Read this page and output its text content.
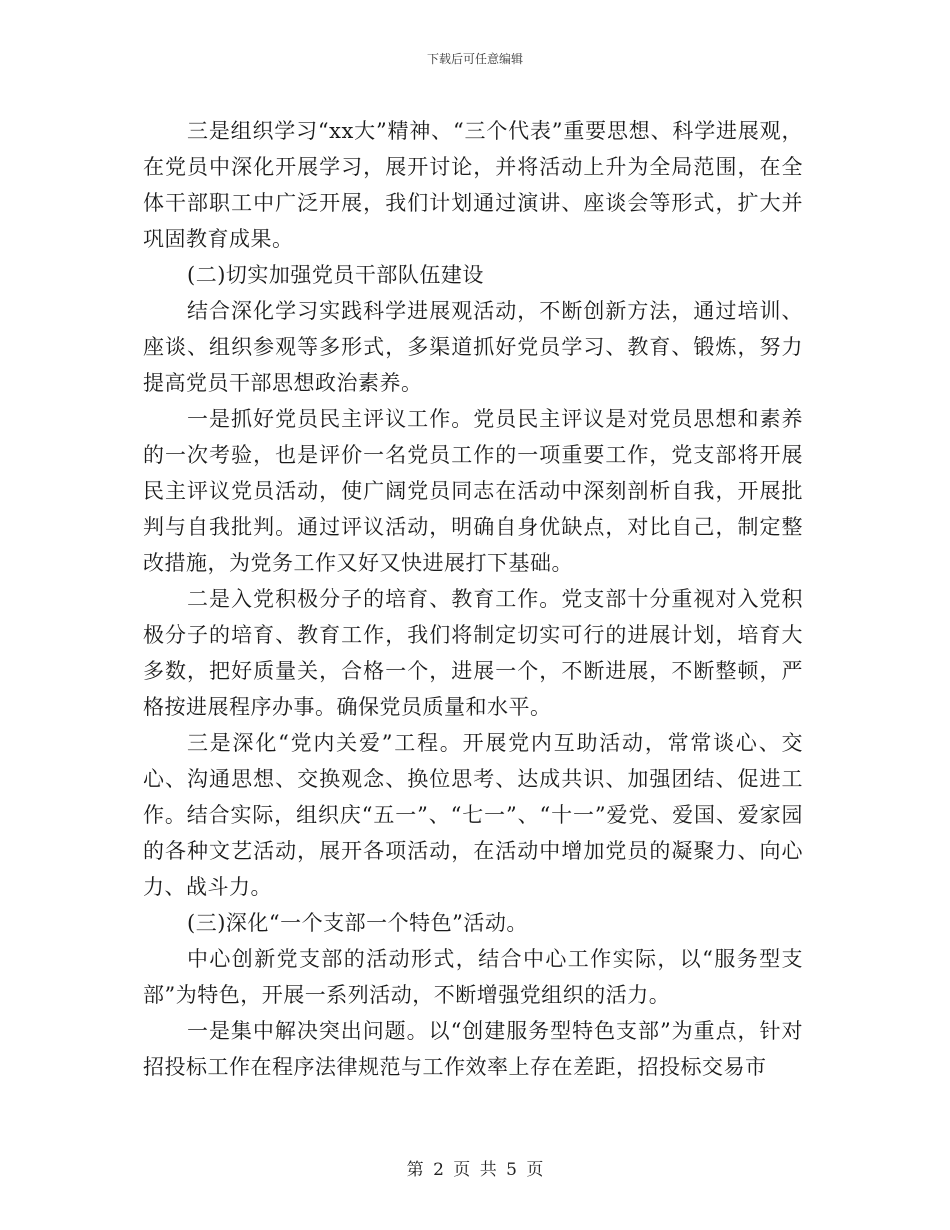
下载后可任意编辑

三是组织学习“xx大”精神、“三个代表”重要思想、科学进展观，在党员中深化开展学习，展开讨论，并将活动上升为全局范围，在全体干部职工中广泛开展，我们计划通过演讲、座谈会等形式，扩大并巩固教育成果。

(二)切实加强党员干部队伍建设

结合深化学习实践科学进展观活动，不断创新方法，通过培训、座谈、组织参观等多形式，多渠道抓好党员学习、教育、锻炼，努力提高党员干部思想政治素养。

一是抓好党员民主评议工作。党员民主评议是对党员思想和素养的一次考验，也是评价一名党员工作的一项重要工作，党支部将开展民主评议党员活动，使广阔党员同志在活动中深刻剖析自我，开展批判与自我批判。通过评议活动，明确自身优缺点，对比自己，制定整改措施，为党务工作又好又快进展打下基础。

二是入党积极分子的培育、教育工作。党支部十分重视对入党积极分子的培育、教育工作，我们将制定切实可行的进展计划，培育大多数，把好质量关，合格一个，进展一个，不断进展，不断整顿，严格按进展程序办事。确保党员质量和水平。

三是深化“党内关爱”工程。开展党内互助活动，常常谈心、交心、沟通思想、交换观念、换位思考、达成共识、加强团结、促进工作。结合实际，组织庆“五一”、“七一”、“十一”爱党、爱国、爱家园的各种文艺活动，展开各项活动，在活动中增加党员的凝聚力、向心力、战斗力。

(三)深化“一个支部一个特色”活动。

中心创新党支部的活动形式，结合中心工作实际，以“服务型支部”为特色，开展一系列活动，不断增强党组织的活力。

一是集中解决突出问题。以“创建服务型特色支部”为重点，针对招投标工作在程序法律规范与工作效率上存在差距，招投标交易市

第 2 页 共 5 页
